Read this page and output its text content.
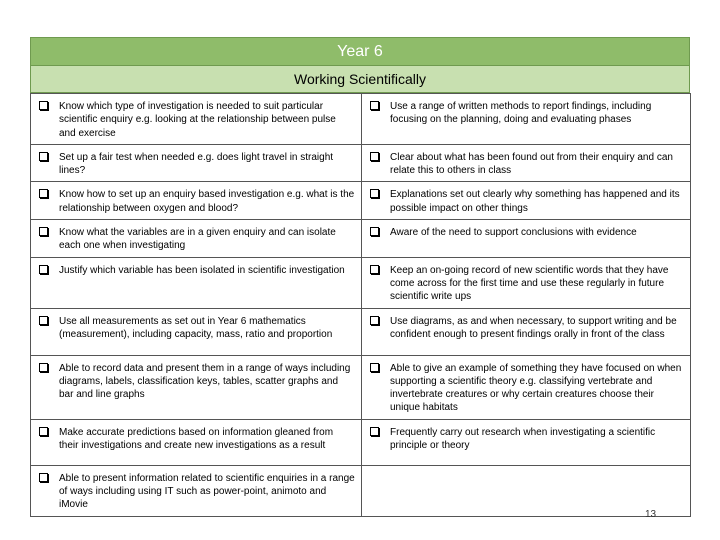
Year 6
Working Scientifically
Know which type of investigation is needed to suit particular scientific enquiry e.g. looking at the relationship between pulse and exercise	Use a range of written methods to report findings, including focusing on the planning, doing and evaluating phases

Set up a fair test when needed e.g. does light travel in straight lines?	Clear about what has been found out from their enquiry and can relate this to others in class

Know how to set up an enquiry based investigation e.g. what is the relationship between oxygen and blood?	Explanations set out clearly why something has happened and its possible impact on other things

Know what the variables are in a given enquiry and can isolate each one when investigating	Aware of the need to support conclusions with evidence

Justify which variable has been isolated in scientific investigation	Keep an on-going record of new scientific words that they have come across for the first time and use these regularly in future scientific write ups

Use all measurements as set out in Year 6 mathematics (measurement), including capacity, mass, ratio and proportion	Use diagrams, as and when necessary, to support writing and be confident enough to present findings orally in front of the class

Able to record data and present them in a range of ways including diagrams, labels, classification keys, tables, scatter graphs and bar and line graphs	Able to give an example of something they have focused on when supporting a scientific theory e.g. classifying vertebrate and invertebrate creatures or why certain creatures choose their unique habitats

Make accurate predictions based on information gleaned from their investigations and create new investigations as a result	Frequently carry out research when investigating a scientific principle or theory

Able to present information related to scientific enquiries in a range of ways including using IT such as power-point, animoto and iMovie	

13
